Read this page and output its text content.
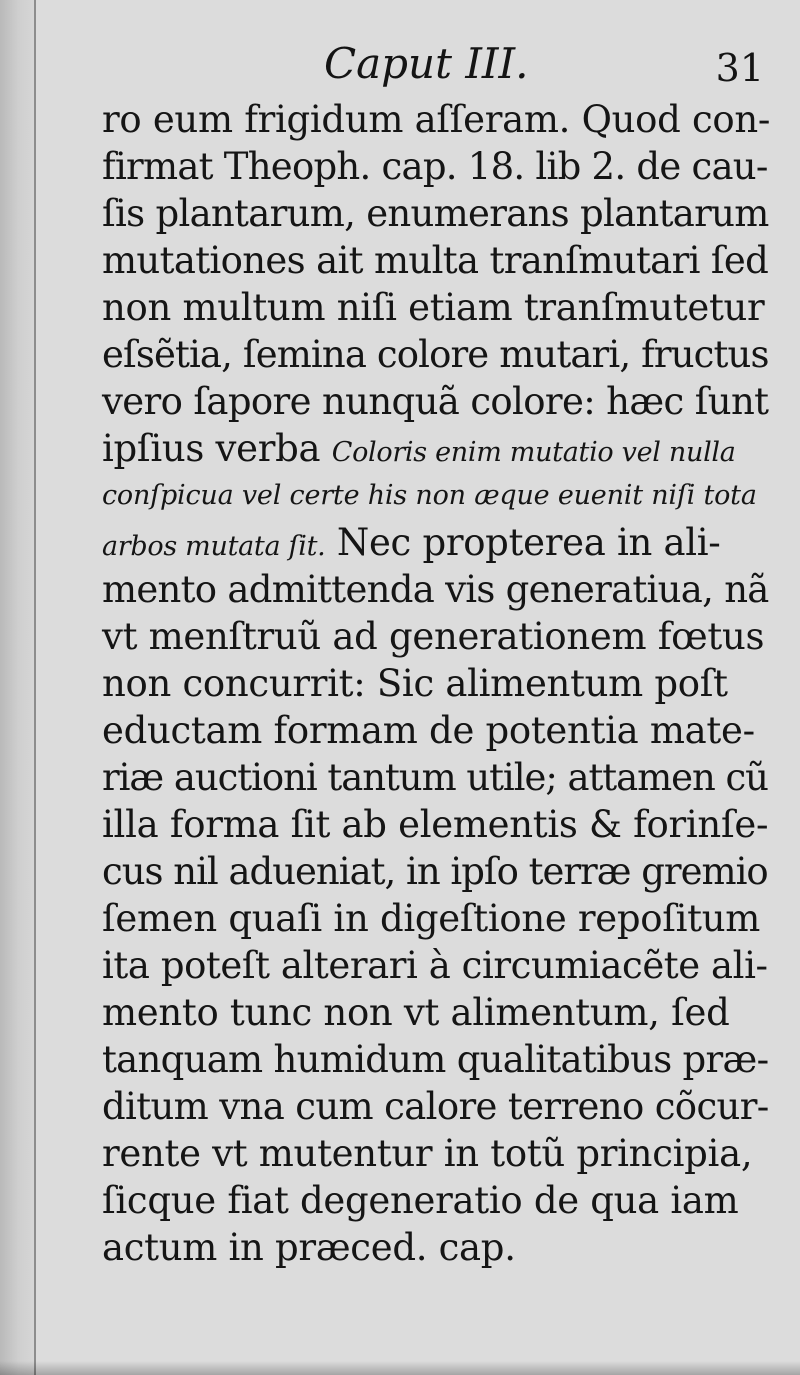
Caput III.	31
ro eum frigidum aſſeram. Quod con-
firmat Theoph. cap. 18. lib 2. de cau-
ſis plantarum, enumerans plantarum
mutationes ait multa tranſmutari ſed
non multum niſi etiam tranſmutetur
eſsẽtia, ſemina colore mutari, fructus
vero ſapore nunquã colore: hæc ſunt
ipſius verba Coloris enim mutatio vel nulla
conſpicua vel certe his non æque euenit niſi tota
arbos mutata ſit. Nec propterea in ali-
mento admittenda vis generatiua, nã
vt menſtruũ ad generationem fœtus
non concurrit: Sic alimentum poſt
eductam formam de potentia mate-
riæ auctioni tantum utile; attamen cũ
illa forma ſit ab elementis & forinſe-
cus nil adueniat, in ipſo terræ gremio
ſemen quaſi in digeſtione repoſitum
ita poteſt alterari à circumiacẽte ali-
mento tunc non vt alimentum, ſed
tanquam humidum qualitatibus præ-
ditum vna cum calore terreno cõcur-
rente vt mutentur in totũ principia,
ſicque fiat degeneratio de qua iam
actum in præced. cap.
